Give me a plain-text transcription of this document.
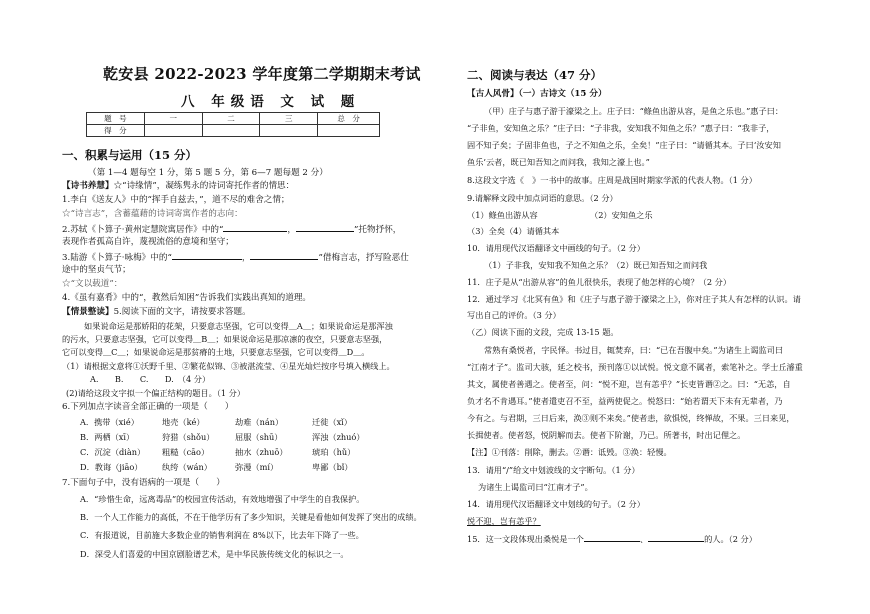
乾安县 2022-2023 学年度第二学期期末考试
八 年级语 文 试 题
题　号	一	二	三	总　分
得　分				
一、积累与运用（15 分）
（第 1—4 题每空 1 分，第 5 题 5 分，第 6—7 题每题 2 分）
【诗书养慧】☆“诗缘情”，凝练隽永的诗词寄托作者的情思：
1.李白《送友人》中的“挥手自兹去，”，道不尽的难舍之情；
☆“诗言志”，含蓄蕴藉的诗词寄寓作者的志向：
2.苏轼《卜算子·黄州定慧院寓居作》中的“	，	”托物抒怀，
表现作者孤高自许，蔑视流俗的意境和坚守；
3.陆游《卜算子·咏梅》中的“	，	”借梅言志，抒写险恶仕
途中的坚贞气节；
☆“文以载道”：
4.《虽有嘉肴》中的“，教然后知困”告诉我们实践出真知的道理。
【情景整读】5.阅读下面的文字，请按要求答题。
如果说命运是那娇阳的花架，只要意志坚强，它可以变得＿A＿；如果说命运是那浑浊
的污水，只要意志坚强，它可以变得＿B＿；如果说命运是那凉凛的夜空，只要意志坚强，
它可以变得＿C＿；如果说命运是那贫瘠的土地，只要意志坚强，它可以变得＿D＿。
（1）请根据文意将①沃野千里、②繁花似锦、③被湛流莹、④星光灿烂按序号填入横线上。
A.　　B.　　C.　　D.　（4 分）
(2)请给这段文字拟一个偏正结构的题目。（1 分）
6.下列加点字读音全部正确的一项是（　　）
A．携带（xié）	地壳（ké）	劫难（nán）	迁徙（xǐ）
B．两栖（xī）	狩猎（shǒu）	屈服（shū）	浑浊（zhuó）
C．沉淀（diàn） 粗糙（cāo）	抽水（zhuō）	琥珀（hǔ）
D．教诲（jiāo） 纨绔（wán）	弥漫（mí）	卑鄙（bǐ）
7.下面句子中，没有语病的一项是（　　）
A．“珍惜生命，远离毒品”的校园宣传活动，有效地增强了中学生的自我保护。
B．一个人工作能力的高低，不在于他学历有了多少知识，关键是看他如何发挥了突出的成绩。
C．有报道说，目前施大多数企业的销售利润在 8%以下，比去年下降了一些。
D．深受人们喜爱的中国京剧脸谱艺术，是中华民族传统文化的标识之一。
二、阅读与表达（47 分）
【古人风骨】（一）古诗文（15 分）
（甲）庄子与惠子游于濠梁之上。庄子曰：“鲦鱼出游从容，是鱼之乐也。”惠子曰：
“子非鱼，安知鱼之乐？”庄子曰：“子非我，安知我不知鱼之乐？”惠子曰：“我非子，
固不知子矣；子固非鱼也，子之不知鱼之乐，全矣！”庄子曰：“请循其本。子曰‘汝安知
鱼乐’云者，既已知吾知之而问我，我知之濠上也。”
8.这段文字选《　》一书中的故事。庄周是战国时期家学派的代表人物。（1 分）
9.请解释文段中加点词语的意思。（2 分）
（1）鲦鱼出游从容	（2）安知鱼之乐
（3）全矣（4）请循其本
10．请用现代汉语翻译文中画线的句子。（2 分）
（1）子非我，安知我不知鱼之乐？（2）既已知吾知之而问我
11．庄子是从“出游从容”的鱼儿很快乐，表现了他怎样的心境？（2 分）
12．通过学习《北冥有鱼》和《庄子与惠子游于濠梁之上》，你对庄子其人有怎样的认识。请
写出自己的评价。（3 分）
（乙）阅读下面的文段，完成 13-15 题。
常熟有桑悦者，字民怿。书过目，辄焚弃，曰：“已在吾腹中矣。”为诸生上谒监司曰
“江南才子”。监司大骇，延之校书，预刊落①以试悦。悦文意不属者，索笔补之。学士丘濬重
其文，属使者善遇之。使者至，问：“悦不迎，岂有恙乎？”长吏皆谮②之。曰：“无恙，自
负才名不肯遇耳。”使者遣吏召不至，益两使促之。悦怒曰：“始若谓天下未有无辈者，乃
今有之。与君期，三日后来，涣③则不来矣。”使者恚，欲惧悦，终惮故，不果。三日来见，
长揖使者。使者怒，悦阴解而去。使者下阶谢，乃已。所著书，时出记俚之。
【注】①刊落：削除，删去。②谮：诋毁。③涣：轻慢。
13．请用“/”给文中划波线的文字断句。（1 分）
为诸生上谒监司曰“江南才子”。
14．请用现代汉语翻译文中划线的句子。（2 分）
悦不迎，岂有恙乎？
15．这一文段体现出桑悦是一个	、	的人。（2 分）
